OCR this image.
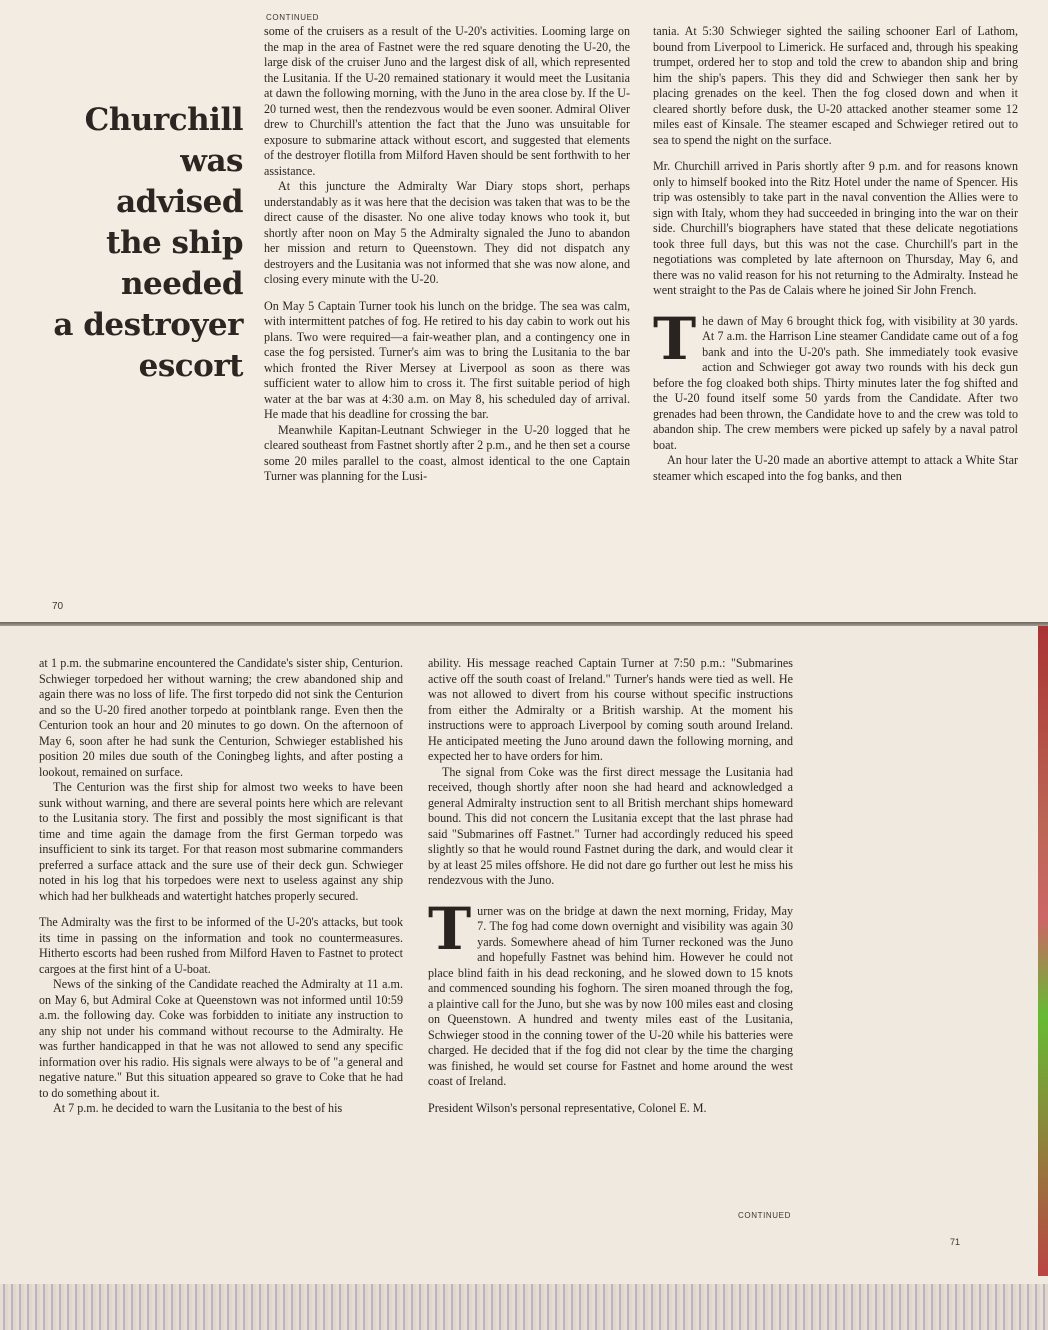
CONTINUED
Churchill
was
advised
the ship
needed
a destroyer
escort

some of the cruisers as a result of the U-20's activities. Looming large on the map in the area of Fastnet were the red square denoting the U-20, the large disk of the cruiser Juno and the largest disk of all, which represented the Lusitania. If the U-20 remained stationary it would meet the Lusitania at dawn the following morning, with the Juno in the area close by. If the U-20 turned west, then the rendezvous would be even sooner. Admiral Oliver drew to Churchill's attention the fact that the Juno was unsuitable for exposure to submarine attack without escort, and suggested that elements of the destroyer flotilla from Milford Haven should be sent forthwith to her assistance.

At this juncture the Admiralty War Diary stops short, perhaps understandably as it was here that the decision was taken that was to be the direct cause of the disaster. No one alive today knows who took it, but shortly after noon on May 5 the Admiralty signaled the Juno to abandon her mission and return to Queenstown. They did not dispatch any destroyers and the Lusitania was not informed that she was now alone, and closing every minute with the U-20.

On May 5 Captain Turner took his lunch on the bridge. The sea was calm, with intermittent patches of fog. He retired to his day cabin to work out his plans. Two were required—a fair-weather plan, and a contingency one in case the fog persisted. Turner's aim was to bring the Lusitania to the bar which fronted the River Mersey at Liverpool as soon as there was sufficient water to allow him to cross it. The first suitable period of high water at the bar was at 4:30 a.m. on May 8, his scheduled day of arrival. He made that his deadline for crossing the bar.

Meanwhile Kapitan-Leutnant Schwieger in the U-20 logged that he cleared southeast from Fastnet shortly after 2 p.m., and he then set a course some 20 miles parallel to the coast, almost identical to the one Captain Turner was planning for the Lusi-

tania. At 5:30 Schwieger sighted the sailing schooner Earl of Lathom, bound from Liverpool to Limerick. He surfaced and, through his speaking trumpet, ordered her to stop and told the crew to abandon ship and bring him the ship's papers. This they did and Schwieger then sank her by placing grenades on the keel. Then the fog closed down and when it cleared shortly before dusk, the U-20 attacked another steamer some 12 miles east of Kinsale. The steamer escaped and Schwieger retired out to sea to spend the night on the surface.

Mr. Churchill arrived in Paris shortly after 9 p.m. and for reasons known only to himself booked into the Ritz Hotel under the name of Spencer. His trip was ostensibly to take part in the naval convention the Allies were to sign with Italy, whom they had succeeded in bringing into the war on their side. Churchill's biographers have stated that these delicate negotiations took three full days, but this was not the case. Churchill's part in the negotiations was completed by late afternoon on Thursday, May 6, and there was no valid reason for his not returning to the Admiralty. Instead he went straight to the Pas de Calais where he joined Sir John French.

The dawn of May 6 brought thick fog, with visibility at 30 yards. At 7 a.m. the Harrison Line steamer Candidate came out of a fog bank and into the U-20's path. She immediately took evasive action and Schwieger got away two rounds with his deck gun before the fog cloaked both ships. Thirty minutes later the fog shifted and the U-20 found itself some 50 yards from the Candidate. After two grenades had been thrown, the Candidate hove to and the crew was told to abandon ship. The crew members were picked up safely by a naval patrol boat.

An hour later the U-20 made an abortive attempt to attack a White Star steamer which escaped into the fog banks, and then

70

at 1 p.m. the submarine encountered the Candidate's sister ship, Centurion. Schwieger torpedoed her without warning; the crew abandoned ship and again there was no loss of life. The first torpedo did not sink the Centurion and so the U-20 fired another torpedo at pointblank range. Even then the Centurion took an hour and 20 minutes to go down. On the afternoon of May 6, soon after he had sunk the Centurion, Schwieger established his position 20 miles due south of the Coningbeg lights, and after posting a lookout, remained on surface.

The Centurion was the first ship for almost two weeks to have been sunk without warning, and there are several points here which are relevant to the Lusitania story. The first and possibly the most significant is that time and time again the damage from the first German torpedo was insufficient to sink its target. For that reason most submarine commanders preferred a surface attack and the sure use of their deck gun. Schwieger noted in his log that his torpedoes were next to useless against any ship which had her bulkheads and watertight hatches properly secured.

The Admiralty was the first to be informed of the U-20's attacks, but took its time in passing on the information and took no countermeasures. Hitherto escorts had been rushed from Milford Haven to Fastnet to protect cargoes at the first hint of a U-boat.

News of the sinking of the Candidate reached the Admiralty at 11 a.m. on May 6, but Admiral Coke at Queenstown was not informed until 10:59 a.m. the following day. Coke was forbidden to initiate any instruction to any ship not under his command without recourse to the Admiralty. He was further handicapped in that he was not allowed to send any specific information over his radio. His signals were always to be of "a general and negative nature." But this situation appeared so grave to Coke that he had to do something about it.

At 7 p.m. he decided to warn the Lusitania to the best of his

ability. His message reached Captain Turner at 7:50 p.m.: "Submarines active off the south coast of Ireland." Turner's hands were tied as well. He was not allowed to divert from his course without specific instructions from either the Admiralty or a British warship. At the moment his instructions were to approach Liverpool by coming south around Ireland. He anticipated meeting the Juno around dawn the following morning, and expected her to have orders for him.

The signal from Coke was the first direct message the Lusitania had received, though shortly after noon she had heard and acknowledged a general Admiralty instruction sent to all British merchant ships homeward bound. This did not concern the Lusitania except that the last phrase had said "Submarines off Fastnet." Turner had accordingly reduced his speed slightly so that he would round Fastnet during the dark, and would clear it by at least 25 miles offshore. He did not dare go further out lest he miss his rendezvous with the Juno.

Turner was on the bridge at dawn the next morning, Friday, May 7. The fog had come down overnight and visibility was again 30 yards. Somewhere ahead of him Turner reckoned was the Juno and hopefully Fastnet was behind him. However he could not place blind faith in his dead reckoning, and he slowed down to 15 knots and commenced sounding his foghorn. The siren moaned through the fog, a plaintive call for the Juno, but she was by now 100 miles east and closing on Queenstown. A hundred and twenty miles east of the Lusitania, Schwieger stood in the conning tower of the U-20 while his batteries were charged. He decided that if the fog did not clear by the time the charging was finished, he would set course for Fastnet and home around the west coast of Ireland.

President Wilson's personal representative, Colonel E. M.

CONTINUED
71
